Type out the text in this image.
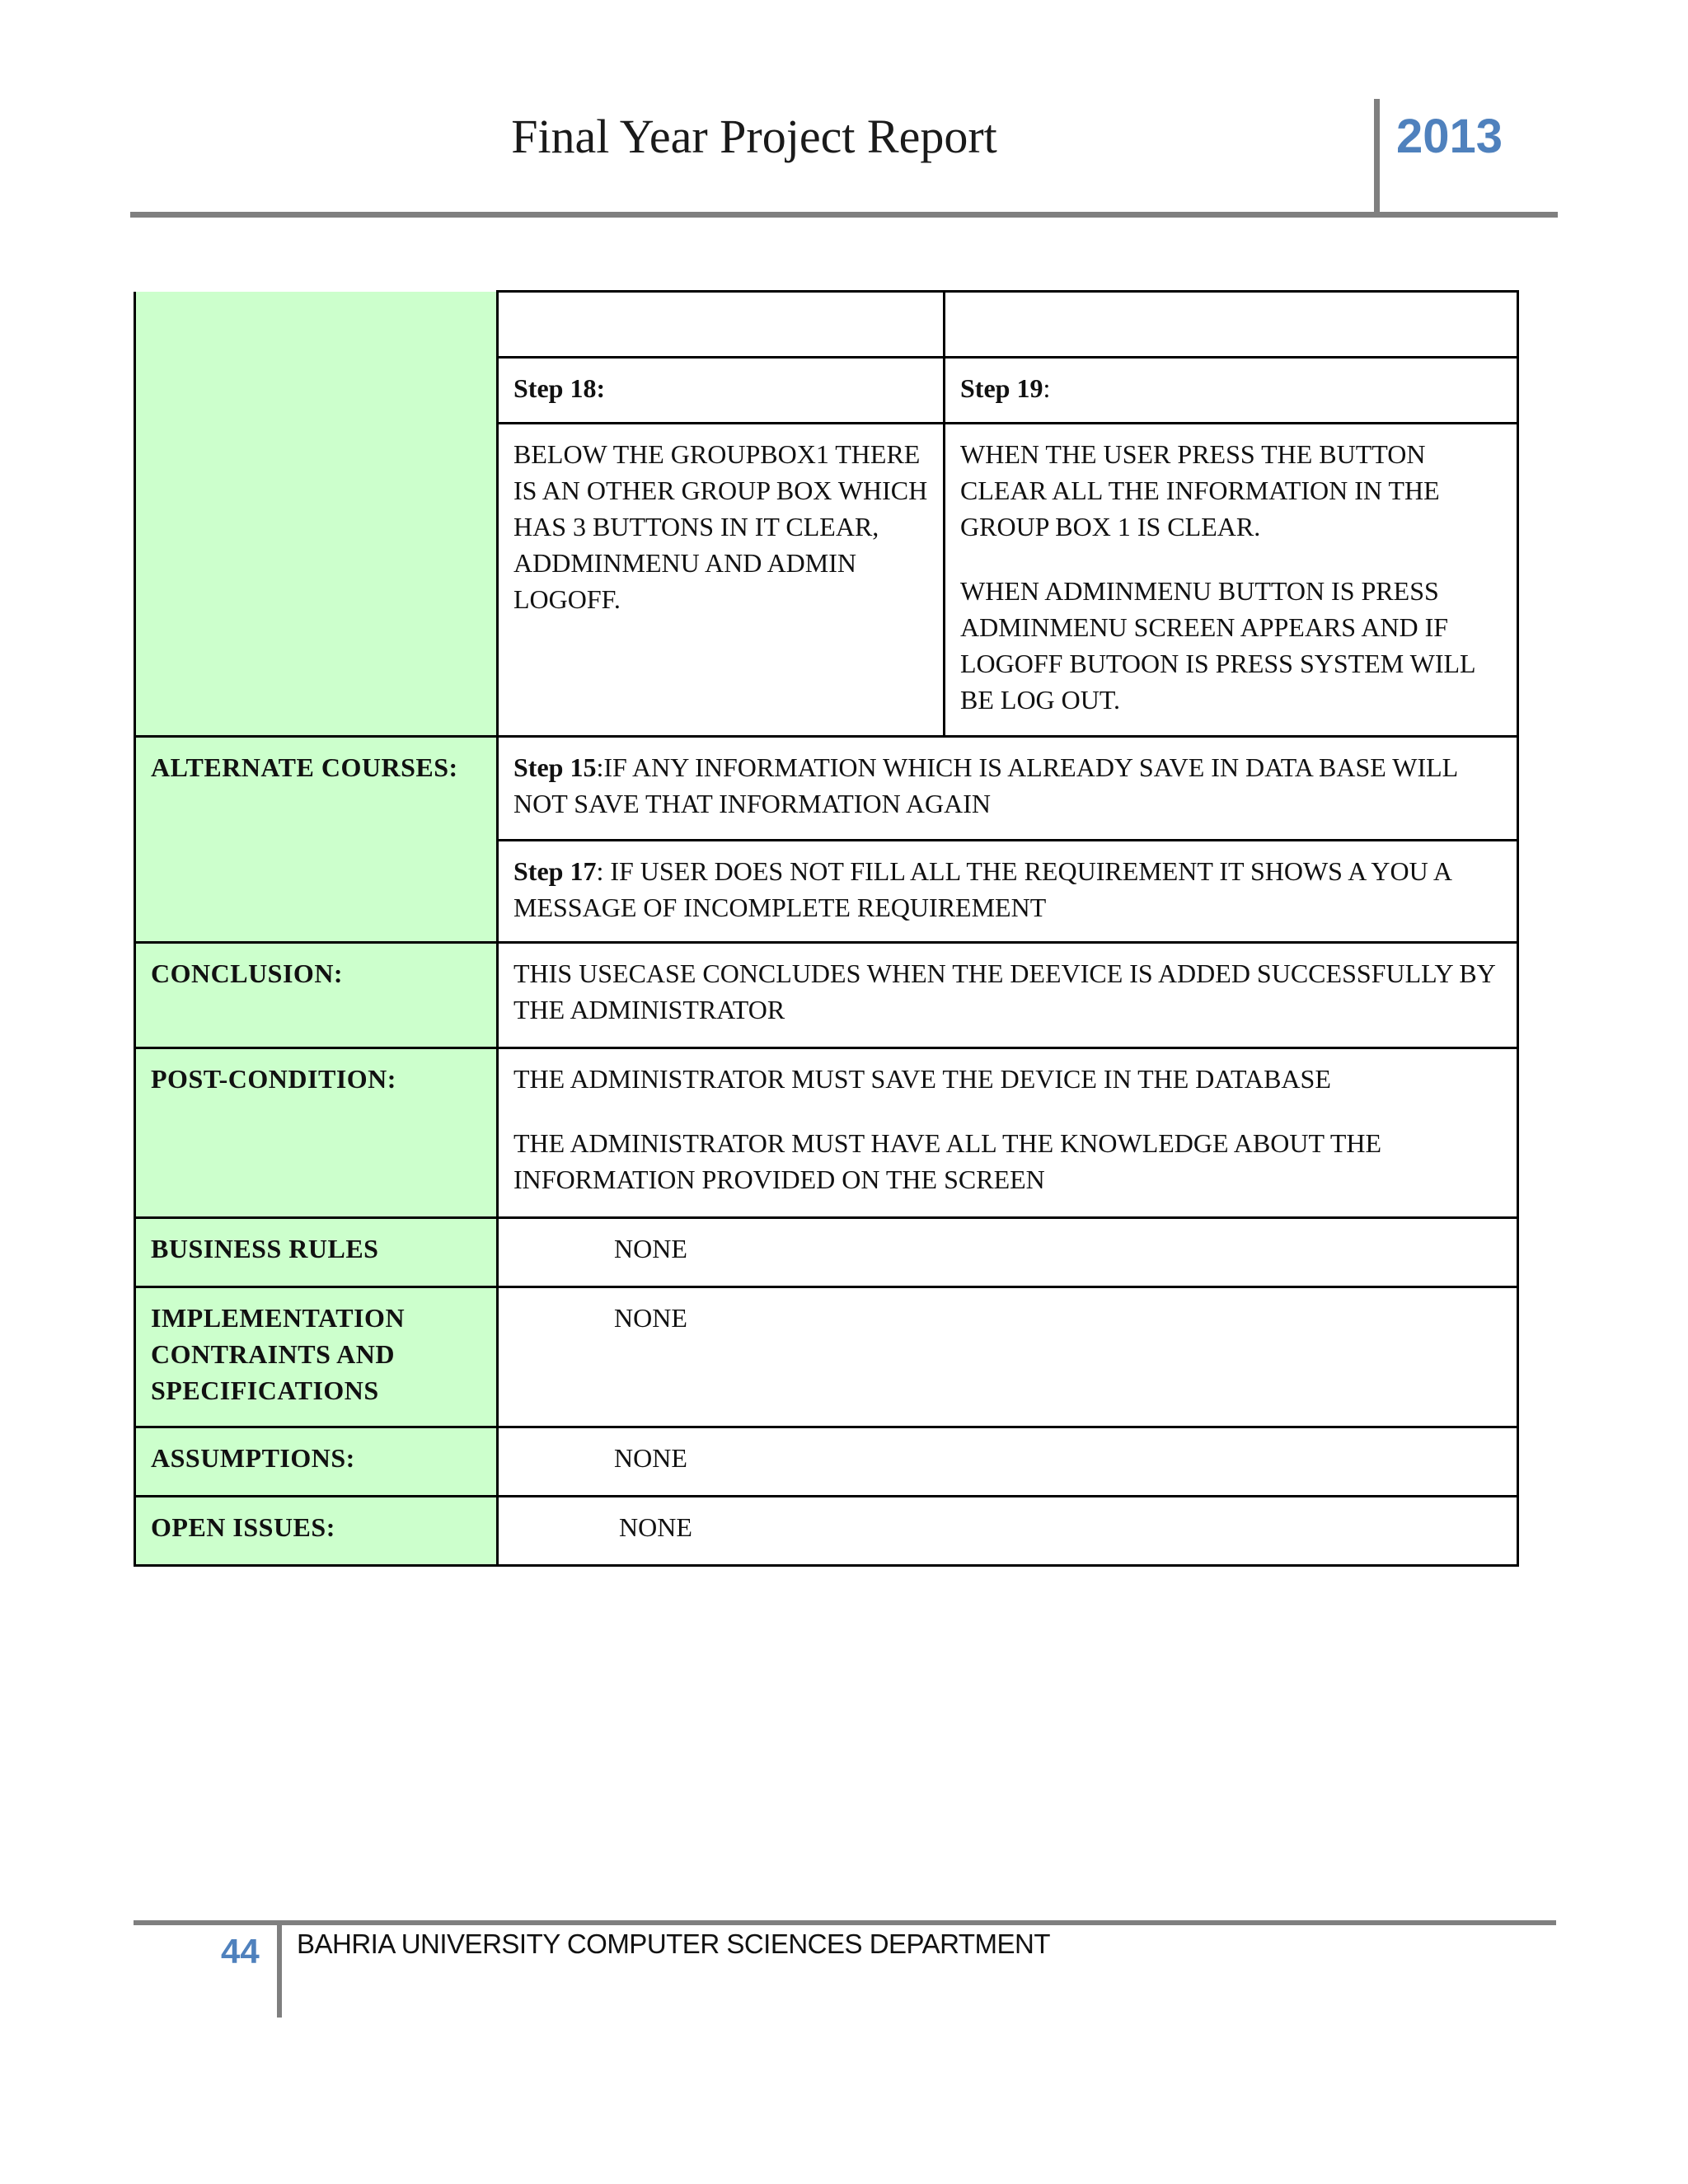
Final Year Project Report	2013

	Step 18:	Step 19:

	BELOW THE GROUPBOX1 THERE IS AN OTHER GROUP BOX WHICH HAS 3 BUTTONS IN IT CLEAR, ADDMINMENU AND ADMIN LOGOFF.	WHEN THE USER PRESS THE BUTTON CLEAR ALL THE INFORMATION IN THE GROUP BOX 1 IS CLEAR.

WHEN ADMINMENU BUTTON IS PRESS ADMINMENU SCREEN APPEARS AND IF LOGOFF BUTOON IS PRESS SYSTEM WILL BE LOG OUT.

ALTERNATE COURSES:	Step 15:IF ANY INFORMATION WHICH IS ALREADY SAVE IN DATA BASE WILL NOT SAVE THAT INFORMATION AGAIN	
	Step 17: IF USER DOES NOT FILL ALL THE REQUIREMENT IT SHOWS A YOU A MESSAGE OF INCOMPLETE REQUIREMENT	
CONCLUSION:	THIS USECASE CONCLUDES WHEN THE DEEVICE IS ADDED SUCCESSFULLY BY THE ADMINISTRATOR	
POST-CONDITION:	THE ADMINISTRATOR MUST SAVE THE DEVICE IN THE DATABASE

THE ADMINISTRATOR MUST HAVE ALL THE KNOWLEDGE ABOUT THE INFORMATION PROVIDED ON THE SCREEN	

BUSINESS RULES	NONE	
IMPLEMENTATION CONTRAINTS AND SPECIFICATIONS	NONE	
ASSUMPTIONS:	NONE	
OPEN ISSUES:	NONE	
44 BAHRIA UNIVERSITY COMPUTER SCIENCES DEPARTMENT
